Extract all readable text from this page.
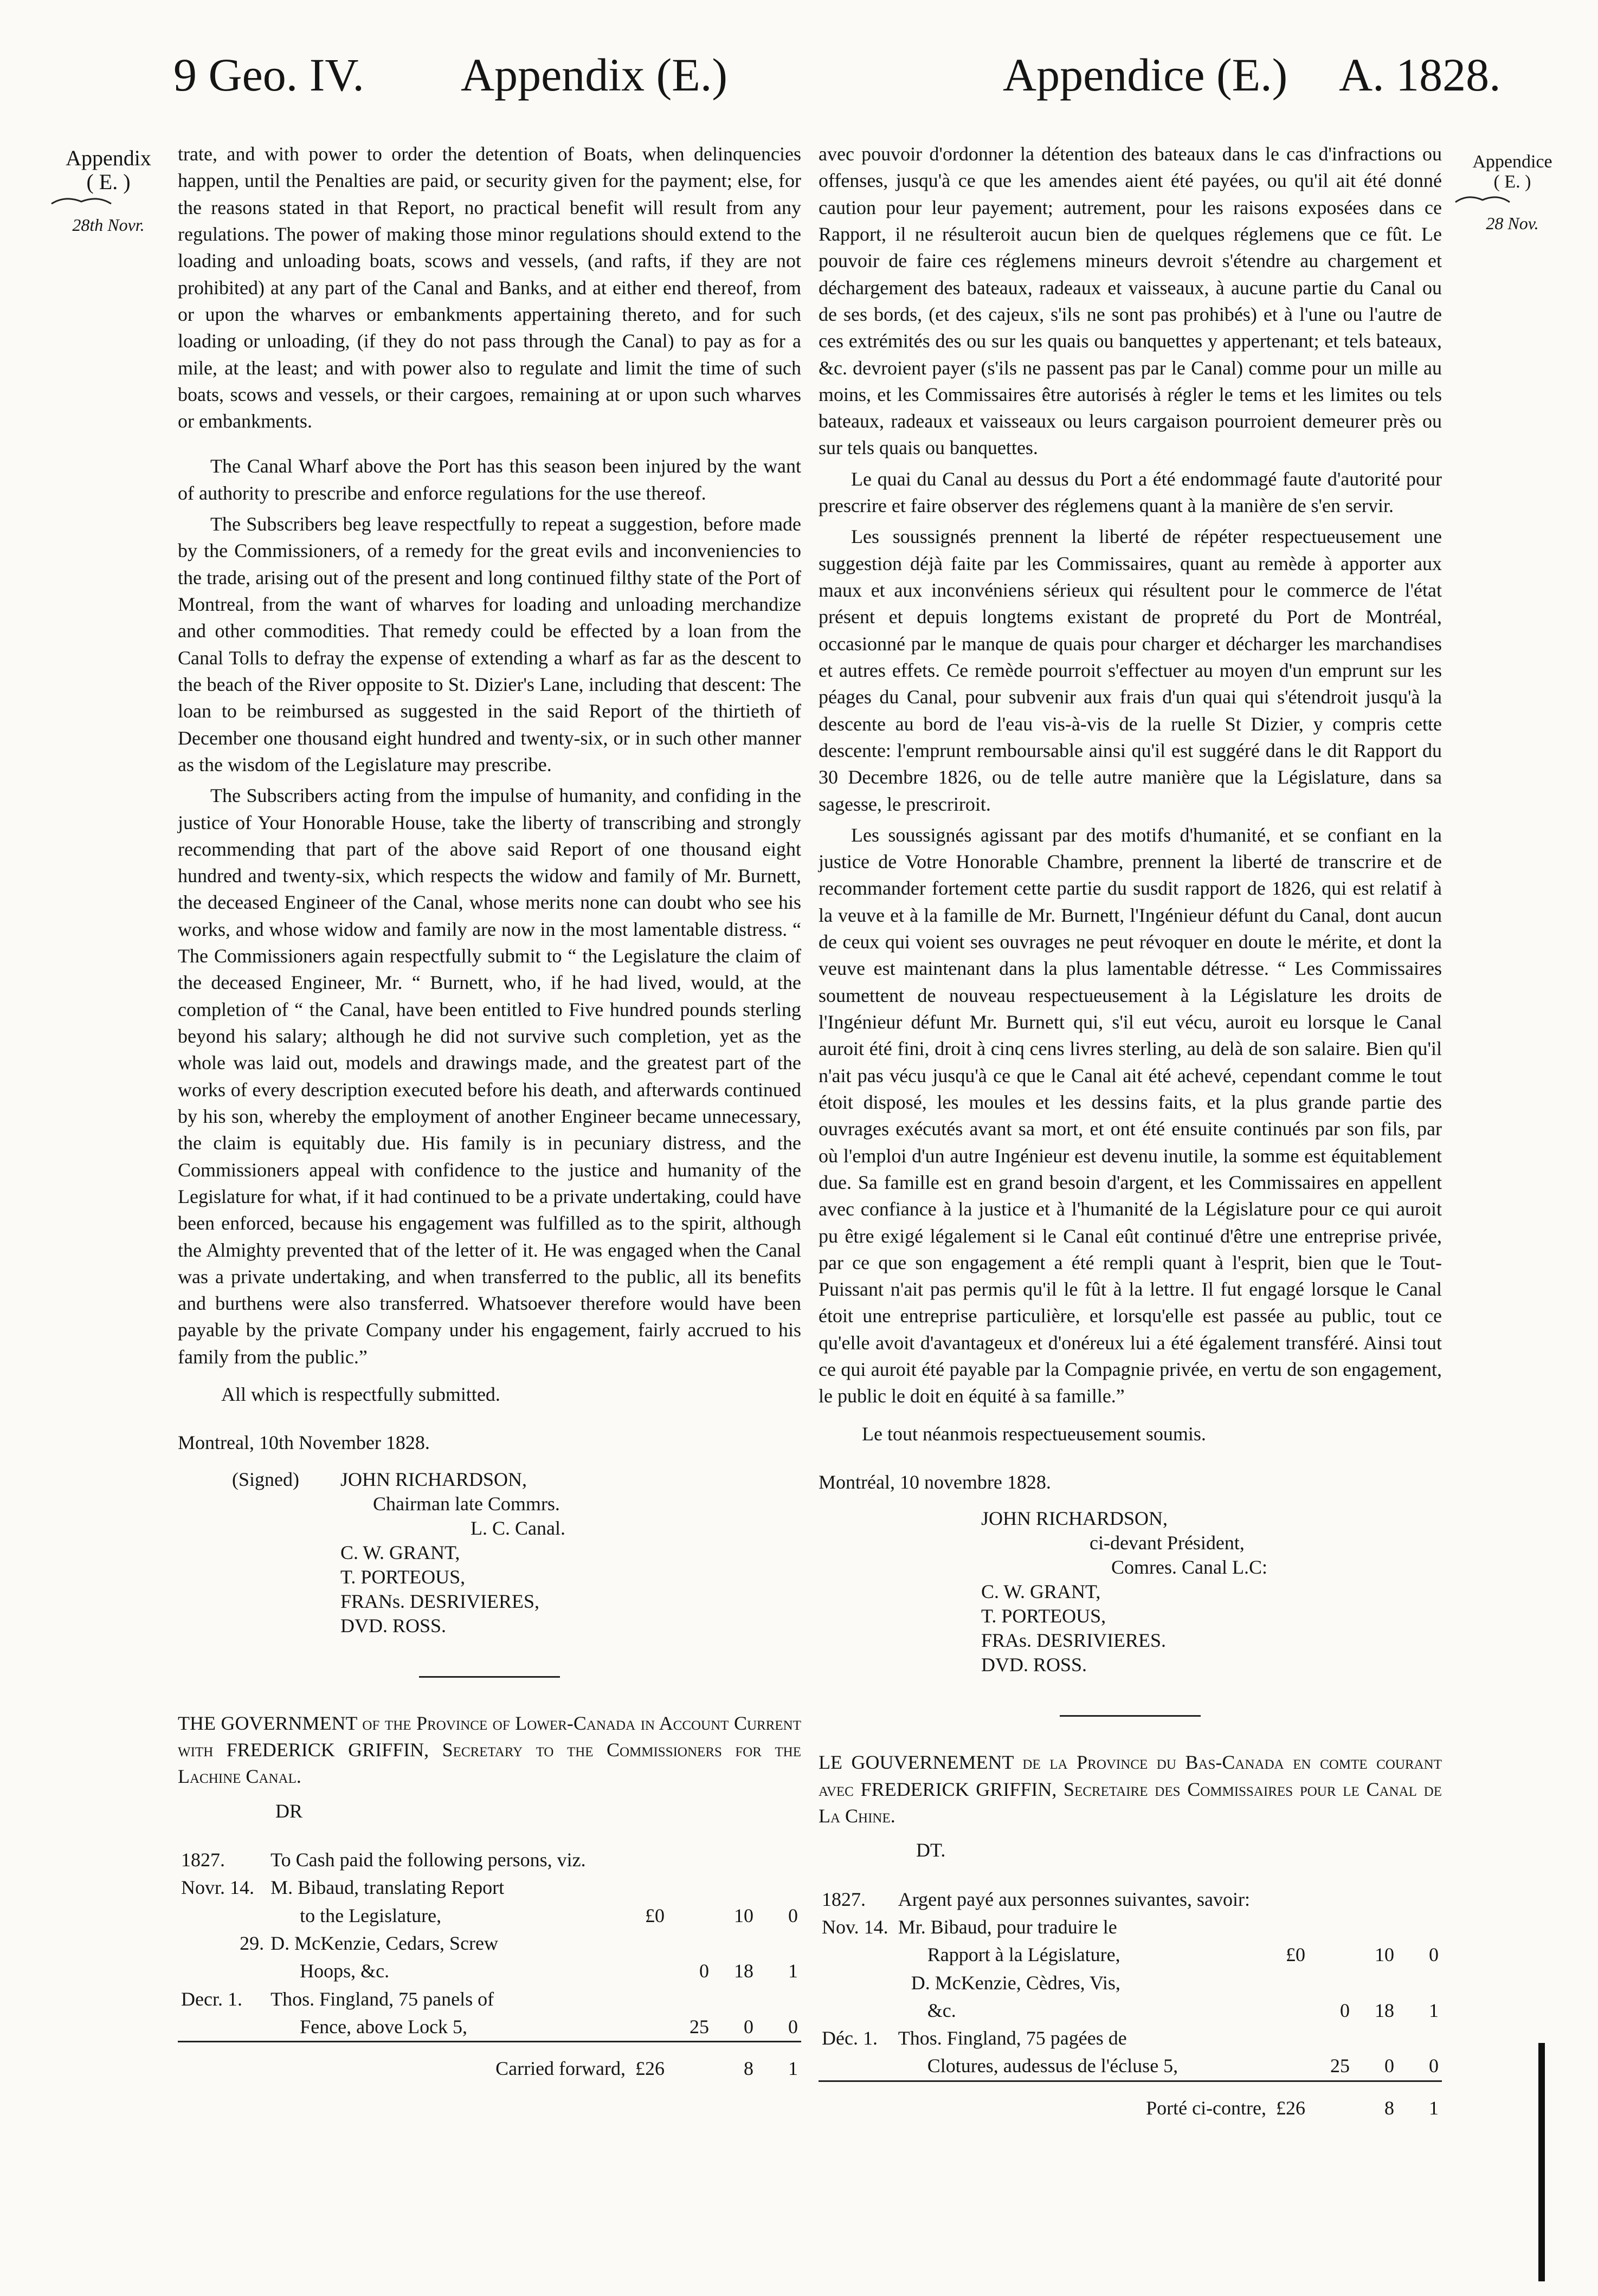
9 Geo. IV. Appendix (E.)	Appendice (E.) A. 1828.
Appendix
( E. )
28th Novr.
Appendice
( E. )
28 Nov.

trate, and with power to order the detention of Boats, when delinquencies happen, until the Penalties are paid, or security given for the payment; else, for the reasons stated in that Report, no practical benefit will result from any regulations. The power of making those minor regulations should extend to the loading and unloading boats, scows and vessels, (and rafts, if they are not prohibited) at any part of the Canal and Banks, and at either end thereof, from or upon the wharves or embankments appertaining thereto, and for such loading or unloading, (if they do not pass through the Canal) to pay as for a mile, at the least; and with power also to regulate and limit the time of such boats, scows and vessels, or their cargoes, remaining at or upon such wharves or embankments.

The Canal Wharf above the Port has this season been injured by the want of authority to prescribe and enforce regulations for the use thereof.

The Subscribers beg leave respectfully to repeat a suggestion, before made by the Commissioners, of a remedy for the great evils and inconveniencies to the trade, arising out of the present and long continued filthy state of the Port of Montreal, from the want of wharves for loading and unloading merchandize and other commodities. That remedy could be effected by a loan from the Canal Tolls to defray the expense of extending a wharf as far as the descent to the beach of the River opposite to St. Dizier's Lane, including that descent: The loan to be reimbursed as suggested in the said Report of the thirtieth of December one thousand eight hundred and twenty-six, or in such other manner as the wisdom of the Legislature may prescribe.

The Subscribers acting from the impulse of humanity, and confiding in the justice of Your Honorable House, take the liberty of transcribing and strongly recommending that part of the above said Report of one thousand eight hundred and twenty-six, which respects the widow and family of Mr. Burnett, the deceased Engineer of the Canal, whose merits none can doubt who see his works, and whose widow and family are now in the most lamentable distress. “ The Commissioners again respectfully submit to “ the Legislature the claim of the deceased Engineer, Mr. “ Burnett, who, if he had lived, would, at the completion of “ the Canal, have been entitled to Five hundred pounds sterling beyond his salary; although he did not survive such completion, yet as the whole was laid out, models and drawings made, and the greatest part of the works of every description executed before his death, and afterwards continued by his son, whereby the employment of another Engineer became unnecessary, the claim is equitably due. His family is in pecuniary distress, and the Commissioners appeal with confidence to the justice and humanity of the Legislature for what, if it had continued to be a private undertaking, could have been enforced, because his engagement was fulfilled as to the spirit, although the Almighty prevented that of the letter of it. He was engaged when the Canal was a private undertaking, and when transferred to the public, all its benefits and burthens were also transferred. Whatsoever therefore would have been payable by the private Company under his engagement, fairly accrued to his family from the public.”

All which is respectfully submitted.

Montreal, 10th November 1828.

(Signed) JOHN RICHARDSON,
Chairman late Commrs.
L. C. Canal.
C. W. GRANT,
T. PORTEOUS,
FRANs. DESRIVIERES,
DVD. ROSS.

THE GOVERNMENT of the Province of Lower-Canada in Account Current with FREDERICK GRIFFIN, Secretary to the Commissioners for the Lachine Canal.

DR
1827.	To Cash paid the following persons, viz.				
Novr. 14.	M. Bibaud, translating Report				
	to the Legislature,	£0		10	0
29.	D. McKenzie, Cedars, Screw				
	Hoops, &c.		0	18	1
Decr. 1.	Thos. Fingland, 75 panels of				
	Fence, above Lock 5,		25	0	0
	Carried forward,	£26		8	1

avec pouvoir d'ordonner la détention des bateaux dans le cas d'infractions ou offenses, jusqu'à ce que les amendes aient été payées, ou qu'il ait été donné caution pour leur payement; autrement, pour les raisons exposées dans ce Rapport, il ne résulteroit aucun bien de quelques réglemens que ce fût. Le pouvoir de faire ces réglemens mineurs devroit s'étendre au chargement et déchargement des bateaux, radeaux et vaisseaux, à aucune partie du Canal ou de ses bords, (et des cajeux, s'ils ne sont pas prohibés) et à l'une ou l'autre de ces extrémités des ou sur les quais ou banquettes y appertenant; et tels bateaux, &c. devroient payer (s'ils ne passent pas par le Canal) comme pour un mille au moins, et les Commissaires être autorisés à régler le tems et les limites ou tels bateaux, radeaux et vaisseaux ou leurs cargaison pourroient demeurer près ou sur tels quais ou banquettes.

Le quai du Canal au dessus du Port a été endommagé faute d'autorité pour prescrire et faire observer des réglemens quant à la manière de s'en servir.

Les soussignés prennent la liberté de répéter respectueusement une suggestion déjà faite par les Commissaires, quant au remède à apporter aux maux et aux inconvéniens sérieux qui résultent pour le commerce de l'état présent et depuis longtems existant de propreté du Port de Montréal, occasionné par le manque de quais pour charger et décharger les marchandises et autres effets. Ce remède pourroit s'effectuer au moyen d'un emprunt sur les péages du Canal, pour subvenir aux frais d'un quai qui s'étendroit jusqu'à la descente au bord de l'eau vis-à-vis de la ruelle St Dizier, y compris cette descente: l'emprunt remboursable ainsi qu'il est suggéré dans le dit Rapport du 30 Decembre 1826, ou de telle autre manière que la Législature, dans sa sagesse, le prescriroit.

Les soussignés agissant par des motifs d'humanité, et se confiant en la justice de Votre Honorable Chambre, prennent la liberté de transcrire et de recommander fortement cette partie du susdit rapport de 1826, qui est relatif à la veuve et à la famille de Mr. Burnett, l'Ingénieur défunt du Canal, dont aucun de ceux qui voient ses ouvrages ne peut révoquer en doute le mérite, et dont la veuve est maintenant dans la plus lamentable détresse. “ Les Commissaires soumettent de nouveau respectueusement à la Législature les droits de l'Ingénieur défunt Mr. Burnett qui, s'il eut vécu, auroit eu lorsque le Canal auroit été fini, droit à cinq cens livres sterling, au delà de son salaire. Bien qu'il n'ait pas vécu jusqu'à ce que le Canal ait été achevé, cependant comme le tout étoit disposé, les moules et les dessins faits, et la plus grande partie des ouvrages exécutés avant sa mort, et ont été ensuite continués par son fils, par où l'emploi d'un autre Ingénieur est devenu inutile, la somme est équitablement due. Sa famille est en grand besoin d'argent, et les Commissaires en appellent avec confiance à la justice et à l'humanité de la Législature pour ce qui auroit pu être exigé légalement si le Canal eût continué d'être une entreprise privée, par ce que son engagement a été rempli quant à l'esprit, bien que le Tout-Puissant n'ait pas permis qu'il le fût à la lettre. Il fut engagé lorsque le Canal étoit une entreprise particulière, et lorsqu'elle est passée au public, tout ce qu'elle avoit d'avantageux et d'onéreux lui a été également transféré. Ainsi tout ce qui auroit été payable par la Compagnie privée, en vertu de son engagement, le public le doit en équité à sa famille.”

Le tout néanmois respectueusement soumis.

Montréal, 10 novembre 1828.

JOHN RICHARDSON,
ci-devant Président,
Comres. Canal L.C:
C. W. GRANT,
T. PORTEOUS,
FRAs. DESRIVIERES.
DVD. ROSS.

LE GOUVERNEMENT de la Province du Bas-Canada en comte courant avec FREDERICK GRIFFIN, Secretaire des Commissaires pour le Canal de La Chine.

DT.
1827.	Argent payé aux personnes suivantes, savoir:				
Nov. 14.	Mr. Bibaud, pour traduire le				
	Rapport à la Législature,	£0		10	0
	D. McKenzie, Cèdres, Vis,				
	&c.		0	18	1
Déc. 1.	Thos. Fingland, 75 pagées de				
	Clotures, audessus de l'écluse 5,		25	0	0
	Porté ci-contre,	£26		8	1
